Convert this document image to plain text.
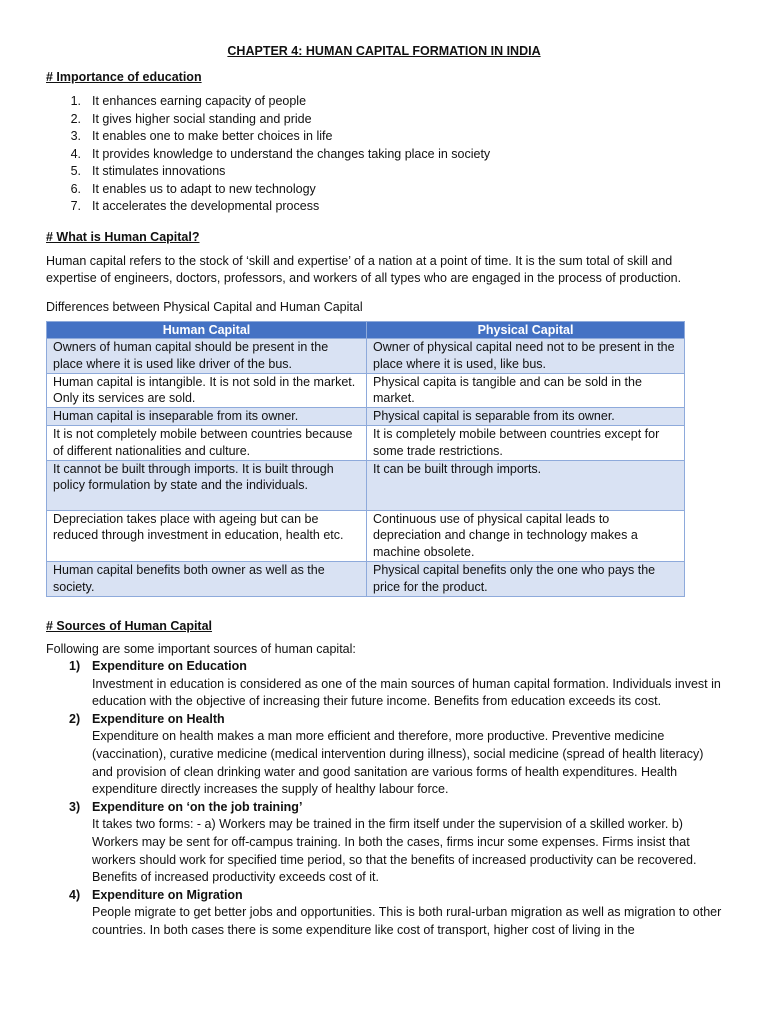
CHAPTER 4: HUMAN CAPITAL FORMATION IN INDIA
# Importance of education
1. It enhances earning capacity of people
2. It gives higher social standing and pride
3. It enables one to make better choices in life
4. It provides knowledge to understand the changes taking place in society
5. It stimulates innovations
6. It enables us to adapt to new technology
7. It accelerates the developmental process
# What is Human Capital?

Human capital refers to the stock of ‘skill and expertise’ of a nation at a point of time. It is the sum total of skill and expertise of engineers, doctors, professors, and workers of all types who are engaged in the process of production.

Differences between Physical Capital and Human Capital

Human Capital	Physical Capital
Owners of human capital should be present in the place where it is used like driver of the bus.	Owner of physical capital need not to be present in the place where it is used, like bus.
Human capital is intangible. It is not sold in the market. Only its services are sold.	Physical capita is tangible and can be sold in the market.
Human capital is inseparable from its owner.	Physical capital is separable from its owner.
It is not completely mobile between countries because of different nationalities and culture.	It is completely mobile between countries except for some trade restrictions.
It cannot be built through imports. It is built through policy formulation by state and the individuals.	It can be built through imports.
Depreciation takes place with ageing but can be reduced through investment in education, health etc.	Continuous use of physical capital leads to depreciation and change in technology makes a machine obsolete.
Human capital benefits both owner as well as the society.	Physical capital benefits only the one who pays the price for the product.
# Sources of Human Capital

Following are some important sources of human capital:

1) Expenditure on Education
Investment in education is considered as one of the main sources of human capital formation. Individuals invest in education with the objective of increasing their future income. Benefits from education exceeds its cost.
2) Expenditure on Health
Expenditure on health makes a man more efficient and therefore, more productive. Preventive medicine (vaccination), curative medicine (medical intervention during illness), social medicine (spread of health literacy) and provision of clean drinking water and good sanitation are various forms of health expenditures. Health expenditure directly increases the supply of healthy labour force.
3) Expenditure on ‘on the job training’
It takes two forms: - a) Workers may be trained in the firm itself under the supervision of a skilled worker. b) Workers may be sent for off-campus training. In both the cases, firms incur some expenses. Firms insist that workers should work for specified time period, so that the benefits of increased productivity can be recovered. Benefits of increased productivity exceeds cost of it.
4) Expenditure on Migration
People migrate to get better jobs and opportunities. This is both rural-urban migration as well as migration to other countries. In both cases there is some expenditure like cost of transport, higher cost of living in the
